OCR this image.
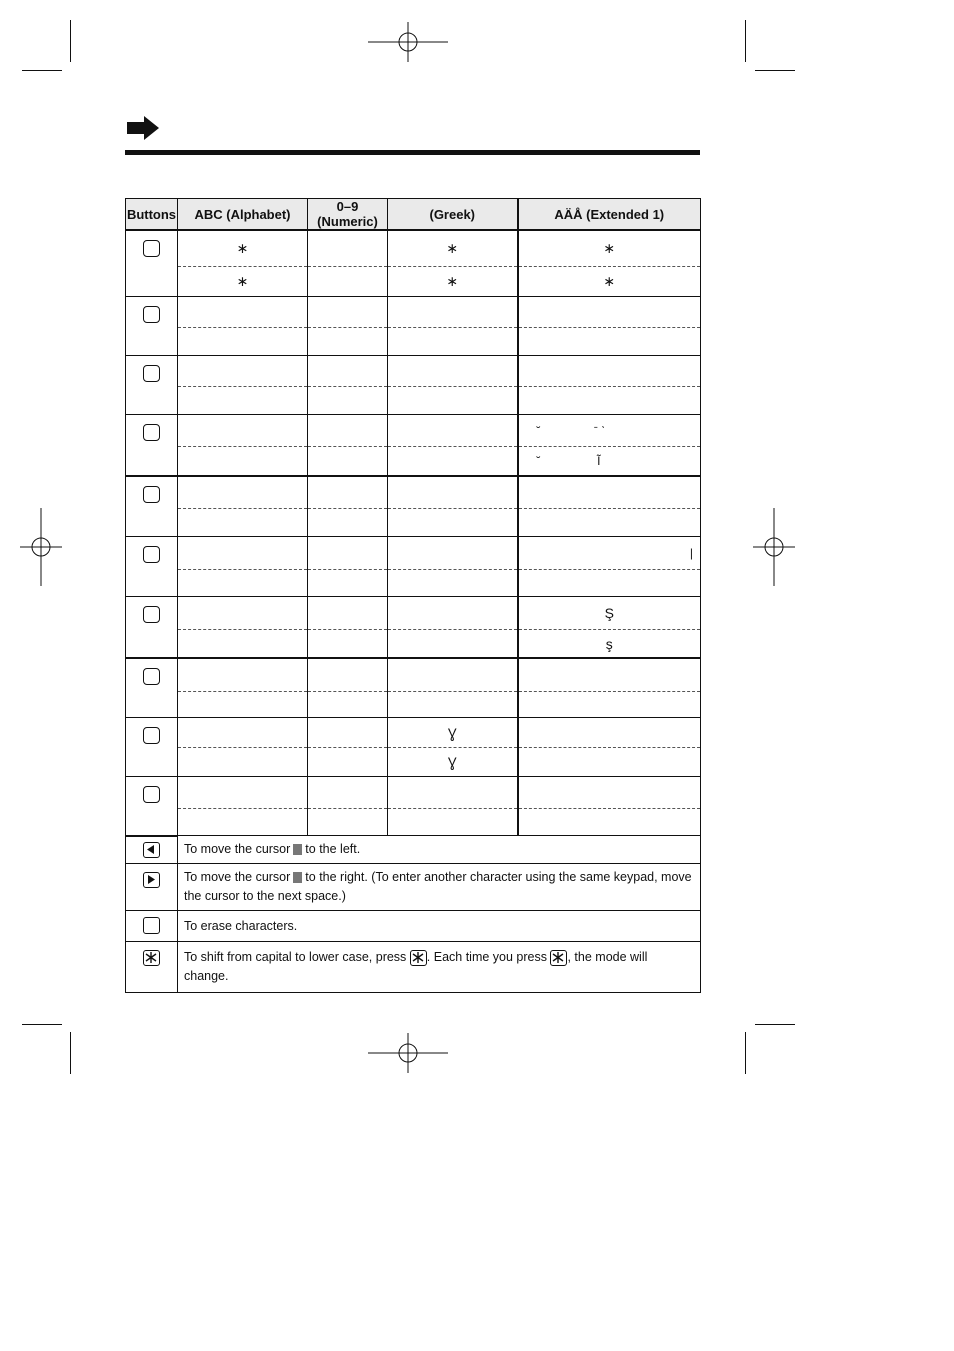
Buttons	ABC (Alphabet)	0–9 (Numeric)	(Greek)	AÄÅ (Extended 1)
	∗		∗	∗

	∗		∗	∗

				˘                ˉ ˋ

				˘                 Ĩ

				|

				Ş

				ş

			Ɣ	

			Ɣ	

	To move the cursor to the left.			

	To move the cursor to the right. (To enter another character using the same keypad, move the cursor to the next space.)			
	To erase characters.			

	To shift from capital to lower case, press . Each time you press , the mode will change.			
